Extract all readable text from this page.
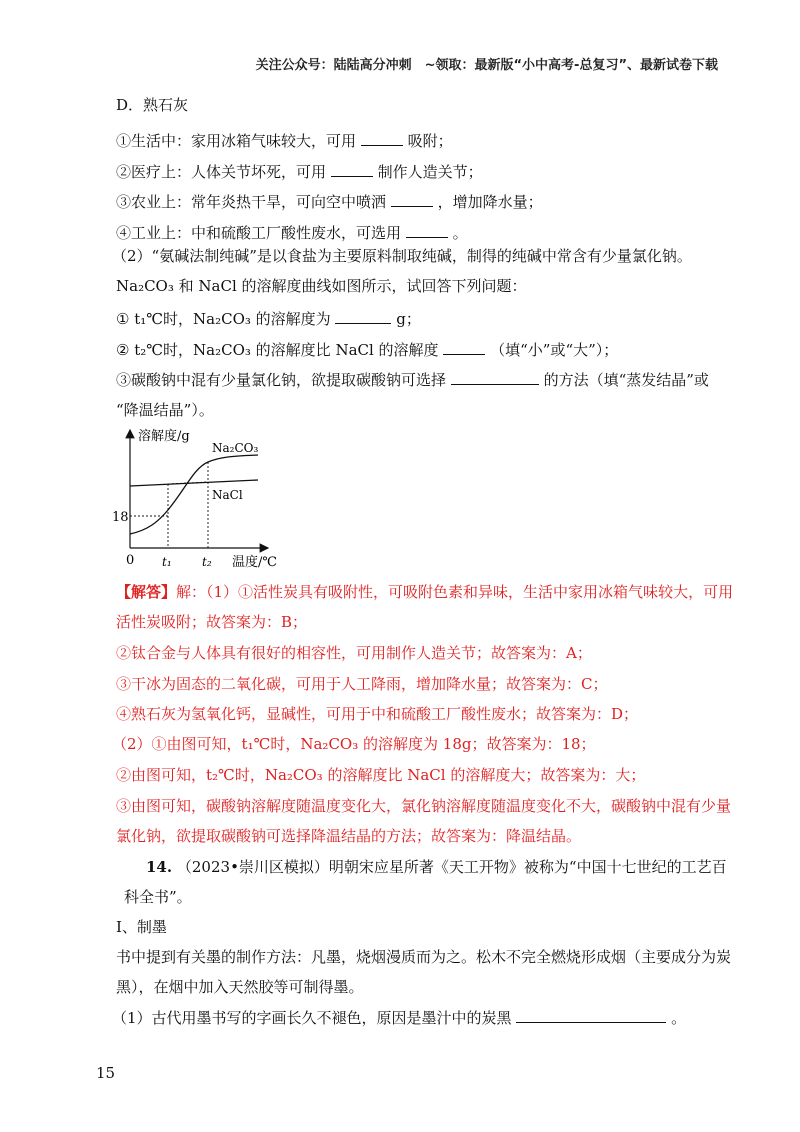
关注公众号：陆陆高分冲刺　~领取：最新版“小中高考-总复习”、最新试卷下载
D．熟石灰
①生活中：家用冰箱气味较大，可用	吸附；
②医疗上：人体关节坏死，可用	制作人造关节；
③农业上：常年炎热干旱，可向空中喷洒	，增加降水量；
④工业上：中和硫酸工厂酸性废水，可选用	。
（2）“氨碱法制纯碱”是以食盐为主要原料制取纯碱，制得的纯碱中常含有少量氯化钠。
Na₂CO₃ 和 NaCl 的溶解度曲线如图所示，试回答下列问题：
① t₁℃时，Na₂CO₃ 的溶解度为	g；
② t₂℃时，Na₂CO₃ 的溶解度比 NaCl 的溶解度	（填“小”或“大”）；
③碳酸钠中混有少量氯化钠，欲提取碳酸钠可选择	的方法（填“蒸发结晶”或
“降温结晶”）。
溶解度/g
温度/℃
0
18
t₁	t₂
Na₂CO₃
NaCl
【解答】解：（1）①活性炭具有吸附性，可吸附色素和异味，生活中家用冰箱气味较大，可用
活性炭吸附；故答案为：B；
②钛合金与人体具有很好的相容性，可用制作人造关节；故答案为：A；
③干冰为固态的二氧化碳，可用于人工降雨，增加降水量；故答案为：C；
④熟石灰为氢氧化钙，显碱性，可用于中和硫酸工厂酸性废水；故答案为：D；
（2）①由图可知，t₁℃时，Na₂CO₃ 的溶解度为 18g；故答案为：18；
②由图可知，t₂℃时，Na₂CO₃ 的溶解度比 NaCl 的溶解度大；故答案为：大；
③由图可知，碳酸钠溶解度随温度变化大，氯化钠溶解度随温度变化不大，碳酸钠中混有少量
氯化钠，欲提取碳酸钠可选择降温结晶的方法；故答案为：降温结晶。
14. （2023•崇川区模拟）明朝宋应星所著《天工开物》被称为“中国十七世纪的工艺百
科全书”。
Ⅰ、制墨
书中提到有关墨的制作方法：凡墨，烧烟漫质而为之。松木不完全燃烧形成烟（主要成分为炭
黑），在烟中加入天然胶等可制得墨。
（1）古代用墨书写的字画长久不褪色，原因是墨汁中的炭黑	。
15
